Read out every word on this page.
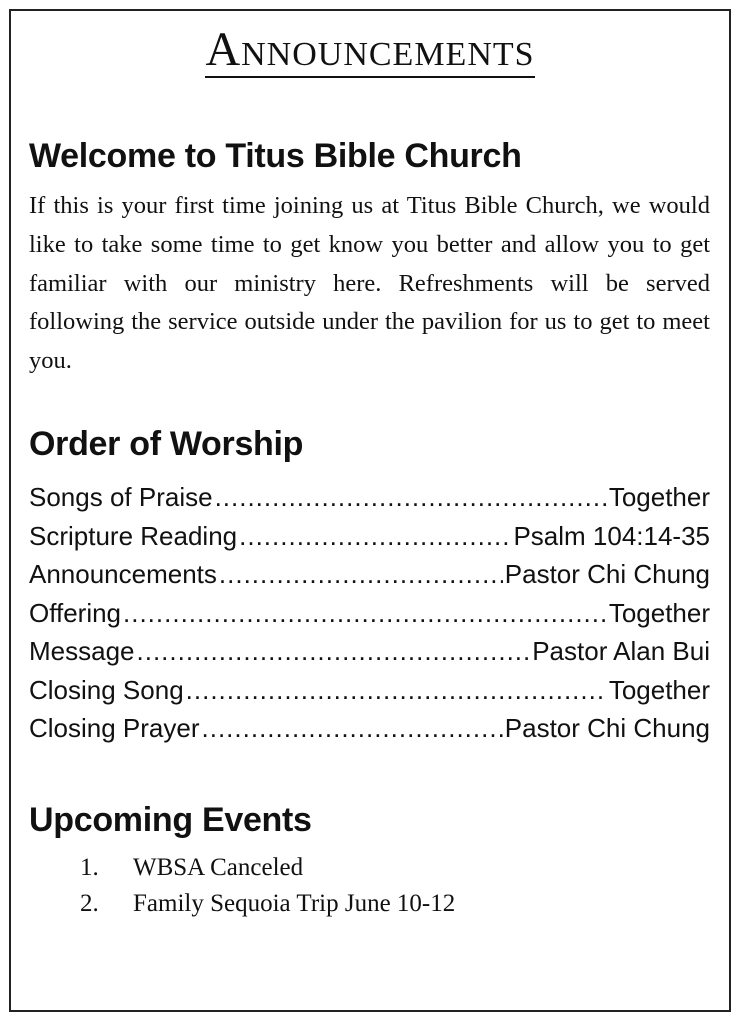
Announcements
Welcome to Titus Bible Church
If this is your first time joining us at Titus Bible Church, we would like to take some time to get know you better and allow you to get familiar with our ministry here. Refreshments will be served following the service outside under the pavilion for us to get to meet you.
Order of Worship
Songs of Praise .....	Together
Scripture Reading .....	Psalm 104:14-35
Announcements .....	Pastor Chi Chung
Offering .....	Together
Message .....	Pastor Alan Bui
Closing Song .....	Together
Closing Prayer .....	Pastor Chi Chung
Upcoming Events
1.	WBSA Canceled
2.	Family Sequoia Trip June 10-12
